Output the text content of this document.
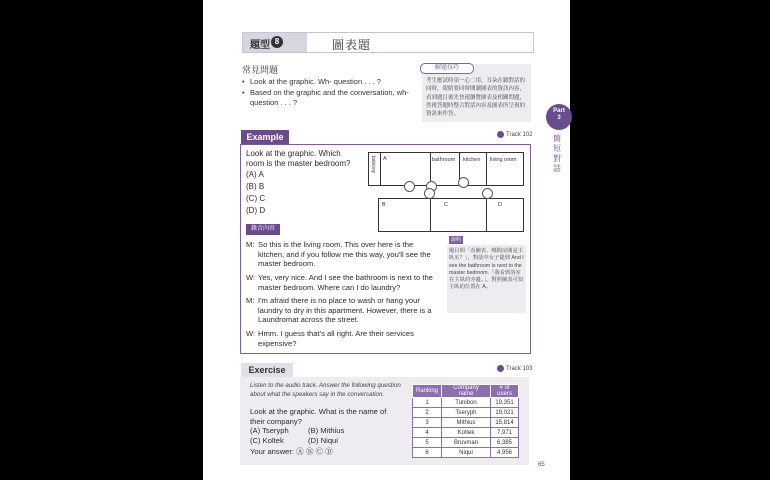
題型 8	圖表題
常見問題
• Look at the graphic. Wh- question . . . ?
• Based on the graphic and the conversation, wh- question . . . ?
解題技巧
考生應試時須一心二用，耳朵在聽對話的同時，眼睛要同時閱讀圖表的資訊內容，看到題目後先快速瀏覽圖表及相關問題，然後答題時整合對話內容及圖表所呈現的資訊來作答。
Part
3
簡短對話
Example	Track 102
Look at the graphic. Which room is the master bedroom?
(A) A
(B) B
(C) C
(D) D
balcony A	bathroom kitchen living room
B	C	D
錄音內容
M: So this is the living room. This over here is the kitchen, and if you follow me this way, you'll see the master bedroom.
W: Yes, very nice. And I see the bathroom is next to the master bedroom. Where can I do laundry?
M: I'm afraid there is no place to wash or hang your laundry to dry in this apartment. However, there is a Laundromat across the street.
W: Hmm. I guess that's all right. Are their services expensive?
說明
題目問「看圖表，哪間房間是主臥室？」，對話中女子提到 And I see the bathroom is next to the master bedroom.「我看到浴室在主臥的旁邊。」，對照圖表可知主臥的位置在 A。
Exercise	Track 103
Listen to the audio track. Answer the following question about what the speakers say in the conversation.
Look at the graphic. What is the name of their company?
(A) Tseryph	(B) Mithius
(C) Koltek	(D) Niqui
Your answer: Ⓐ Ⓑ Ⓒ Ⓓ
Ranking	Company name	# of users
1	Tunibon	19,351
2	Tseryph	19,021
3	Mithius	15,814
4	Koltek	7,971
5	Bruvman	6,385
6	Niqui	4,956
65
